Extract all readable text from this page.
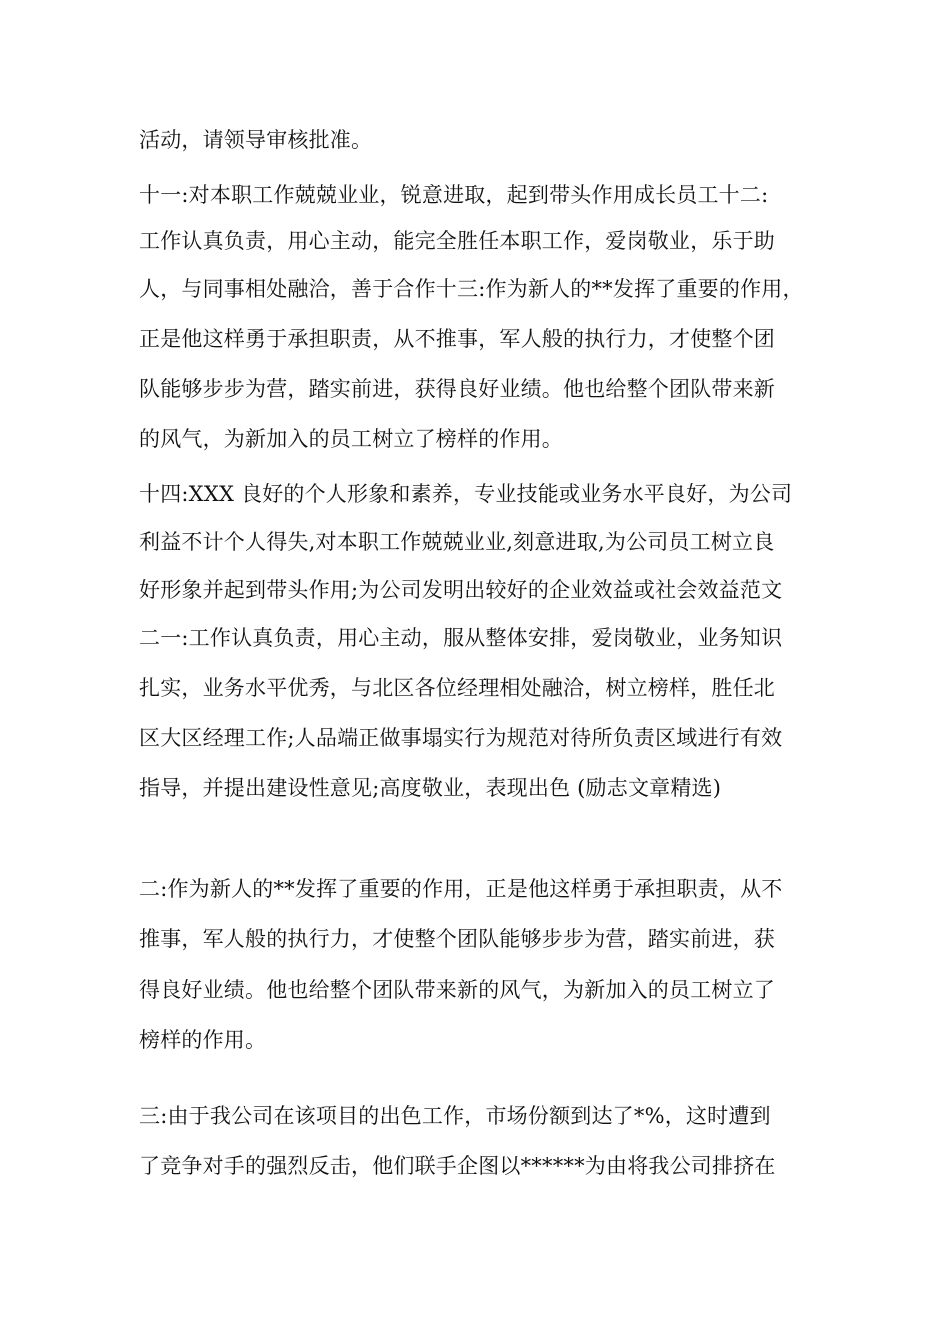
活动，请领导审核批准。
十一:对本职工作兢兢业业，锐意进取，起到带头作用成长员工十二:
工作认真负责，用心主动，能完全胜任本职工作，爱岗敬业，乐于助
人，与同事相处融洽，善于合作十三:作为新人的**发挥了重要的作用，
正是他这样勇于承担职责，从不推事，军人般的执行力，才使整个团
队能够步步为营，踏实前进，获得良好业绩。他也给整个团队带来新
的风气，为新加入的员工树立了榜样的作用。
十四:XXX 良好的个人形象和素养，专业技能或业务水平良好，为公司
利益不计个人得失,对本职工作兢兢业业,刻意进取,为公司员工树立良
好形象并起到带头作用;为公司发明出较好的企业效益或社会效益范文
二一:工作认真负责，用心主动，服从整体安排，爱岗敬业，业务知识
扎实，业务水平优秀，与北区各位经理相处融洽，树立榜样，胜任北
区大区经理工作;人品端正做事塌实行为规范对待所负责区域进行有效
指导，并提出建设性意见;高度敬业，表现出色 (励志文章精选)
二:作为新人的**发挥了重要的作用，正是他这样勇于承担职责，从不
推事，军人般的执行力，才使整个团队能够步步为营，踏实前进，获
得良好业绩。他也给整个团队带来新的风气，为新加入的员工树立了
榜样的作用。
三:由于我公司在该项目的出色工作，市场份额到达了*%，这时遭到
了竞争对手的强烈反击，他们联手企图以******为由将我公司排挤在
